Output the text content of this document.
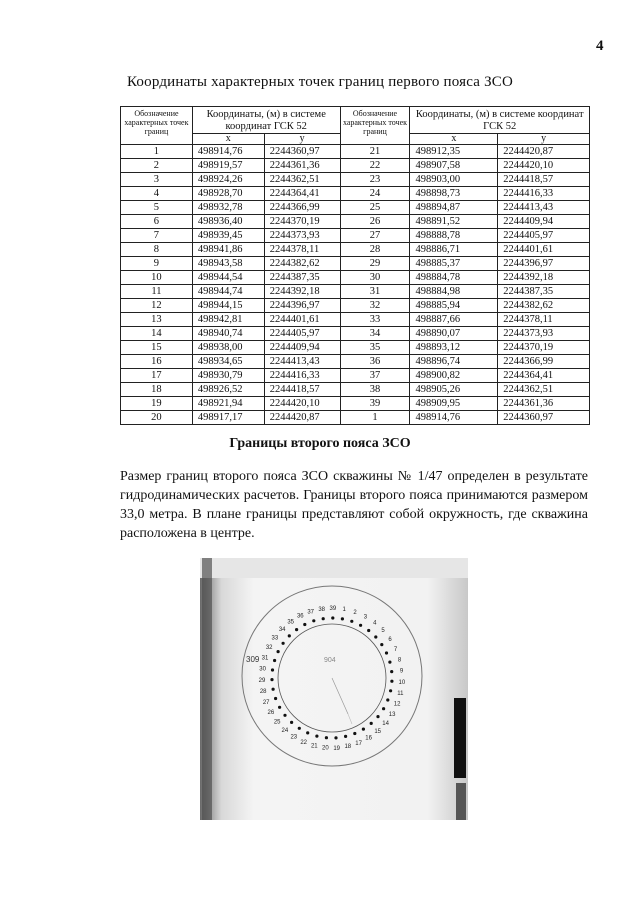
4
Координаты характерных точек границ первого пояса ЗСО
Обозначение характерных точек границ	Координаты, (м) в системе координат ГСК 52		Обозначение характерных точек границ	Координаты, (м) в системе координат ГСК 52	
	х	у		х	у
1	498914,76	2244360,97	21	498912,35	2244420,87
2	498919,57	2244361,36	22	498907,58	2244420,10
3	498924,26	2244362,51	23	498903,00	2244418,57
4	498928,70	2244364,41	24	498898,73	2244416,33
5	498932,78	2244366,99	25	498894,87	2244413,43
6	498936,40	2244370,19	26	498891,52	2244409,94
7	498939,45	2244373,93	27	498888,78	2244405,97
8	498941,86	2244378,11	28	498886,71	2244401,61
9	498943,58	2244382,62	29	498885,37	2244396,97
10	498944,54	2244387,35	30	498884,78	2244392,18
11	498944,74	2244392,18	31	498884,98	2244387,35
12	498944,15	2244396,97	32	498885,94	2244382,62
13	498942,81	2244401,61	33	498887,66	2244378,11
14	498940,74	2244405,97	34	498890,07	2244373,93
15	498938,00	2244409,94	35	498893,12	2244370,19
16	498934,65	2244413,43	36	498896,74	2244366,99
17	498930,79	2244416,33	37	498900,82	2244364,41
18	498926,52	2244418,57	38	498905,26	2244362,51
19	498921,94	2244420,10	39	498909,95	2244361,36
20	498917,17	2244420,87	1	498914,76	2244360,97
Границы второго пояса ЗСО
Размер границ второго пояса ЗСО скважины № 1/47 определен в результате гидродинамических расчетов. Границы второго пояса принимаются размером 33,0 метра. В плане границы представляют собой окружность, где скважина расположена в центре.
904
309
1 2
3
4
5
6
7
8
9
10
11
12
13
14
15
16
17
18
19
20
21
22
23
24
25
26
27
28
29
30
31
32
33
34
35
36
37 38 39
